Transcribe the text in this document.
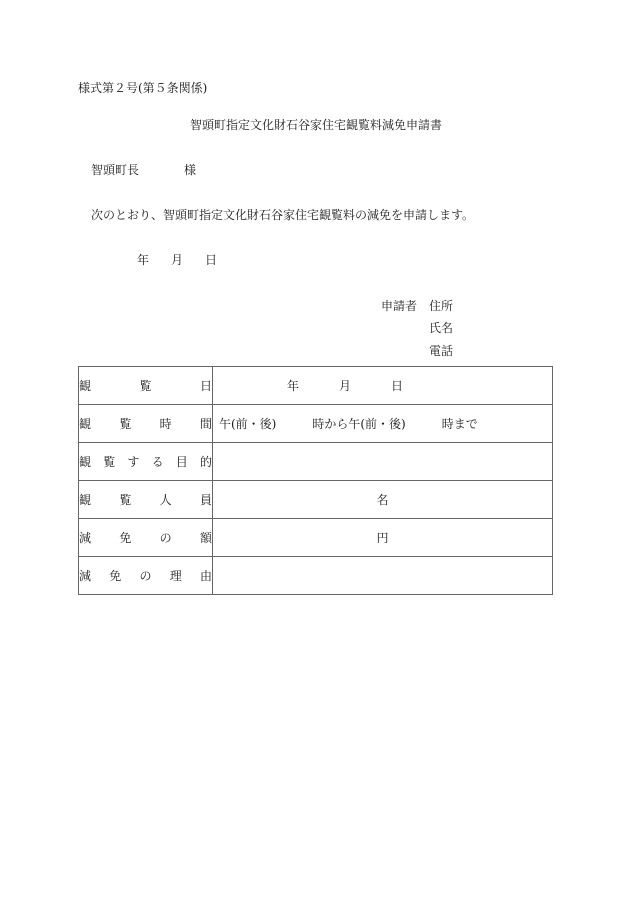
様式第２号(第５条関係)
智頭町指定文化財石谷家住宅観覧料減免申請書
智頭町長	様
次のとおり、智頭町指定文化財石谷家住宅観覧料の減免を申請します。
年 月 日
申請者 住所
氏名
電話
観 覧 日	年 月 日

観 覧 時 間	午(前・後) 時から午(前・後) 時まで

観 覧 す る 目 的

観 覧 人 員	名

減 免 の 額	円

減 免 の 理 由	
